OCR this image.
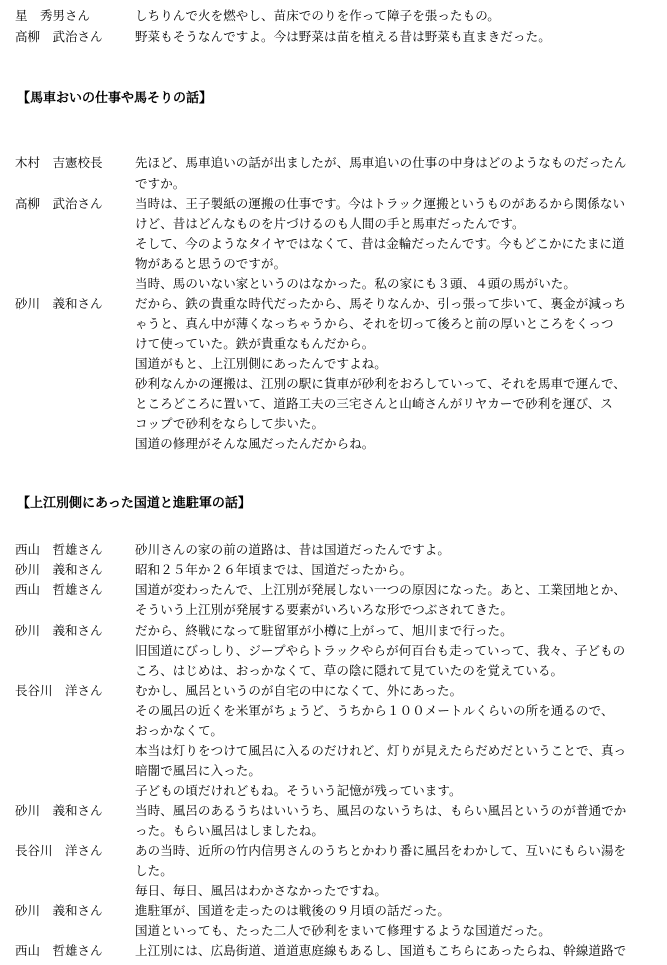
星　秀男さん	しちりんで火を燃やし、苗床でのりを作って障子を張ったもの。
高柳　武治さん	野菜もそうなんですよ。今は野菜は苗を植える昔は野菜も直まきだった。
【馬車おいの仕事や馬そりの話】
木村　吉憲校長	先ほど、馬車追いの話が出ましたが、馬車追いの仕事の中身はどのようなものだったん
ですか。
高柳　武治さん	当時は、王子製紙の運搬の仕事です。今はトラック運搬というものがあるから関係ない
けど、昔はどんなものを片づけるのも人間の手と馬車だったんです。
そして、今のようなタイヤではなくて、昔は金輪だったんです。今もどこかにたまに道
物があると思うのですが。
当時、馬のいない家というのはなかった。私の家にも３頭、４頭の馬がいた。
砂川　義和さん	だから、鉄の貴重な時代だったから、馬そりなんか、引っ張って歩いて、裏金が減っち
ゃうと、真ん中が薄くなっちゃうから、それを切って後ろと前の厚いところをくっつ
けて使っていた。鉄が貴重なもんだから。
国道がもと、上江別側にあったんですよね。
砂利なんかの運搬は、江別の駅に貨車が砂利をおろしていって、それを馬車で運んで、
ところどころに置いて、道路工夫の三宅さんと山崎さんがリヤカーで砂利を運び、ス
コップで砂利をならして歩いた。
国道の修理がそんな風だったんだからね。
【上江別側にあった国道と進駐軍の話】
西山　哲雄さん	砂川さんの家の前の道路は、昔は国道だったんですよ。
砂川　義和さん	昭和２５年か２６年頃までは、国道だったから。
西山　哲雄さん	国道が変わったんで、上江別が発展しない一つの原因になった。あと、工業団地とか、
そういう上江別が発展する要素がいろいろな形でつぶされてきた。
砂川　義和さん	だから、終戦になって駐留軍が小樽に上がって、旭川まで行った。
旧国道にびっしり、ジープやらトラックやらが何百台も走っていって、我々、子どもの
ころ、はじめは、おっかなくて、草の陰に隠れて見ていたのを覚えている。
長谷川　洋さん	むかし、風呂というのが自宅の中になくて、外にあった。
その風呂の近くを米軍がちょうど、うちから１００メートルくらいの所を通るので、
おっかなくて。
本当は灯りをつけて風呂に入るのだけれど、灯りが見えたらだめだということで、真っ
暗闇で風呂に入った。
子どもの頃だけれどもね。そういう記憶が残っています。
砂川　義和さん	当時、風呂のあるうちはいいうち、風呂のないうちは、もらい風呂というのが普通でか
った。もらい風呂はしましたね。
長谷川　洋さん	あの当時、近所の竹内信男さんのうちとかわり番に風呂をわかして、互いにもらい湯を
した。
毎日、毎日、風呂はわかさなかったですね。
砂川　義和さん	進駐軍が、国道を走ったのは戦後の９月頃の話だった。
国道といっても、たった二人で砂利をまいて修理するような国道だった。
西山　哲雄さん	上江別には、広島街道、道道恵庭線もあるし、国道もこちらにあったらね、幹線道路で
